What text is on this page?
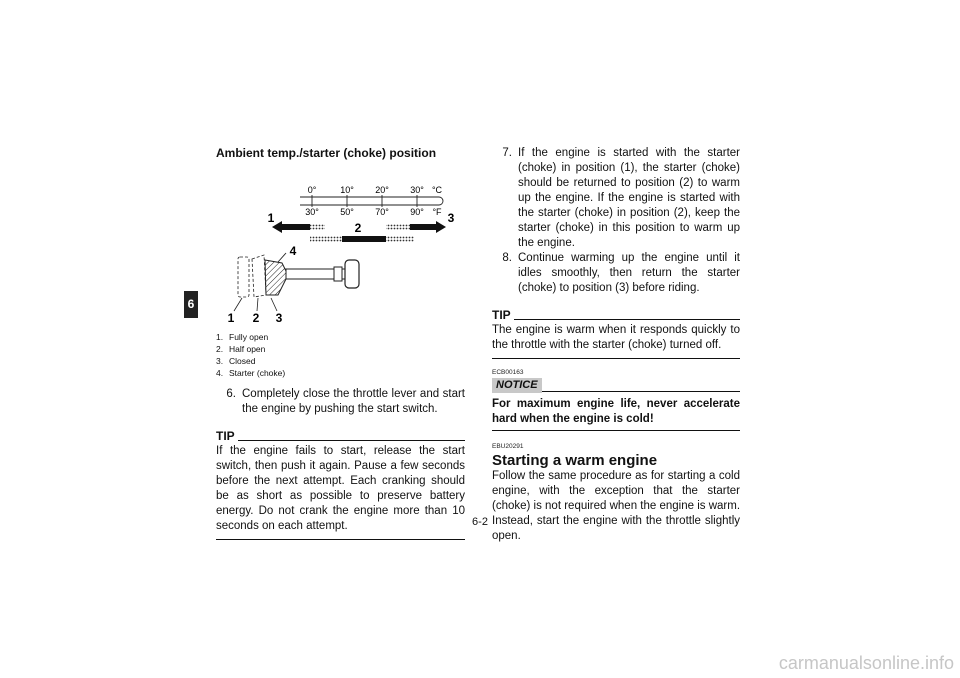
6

Ambient temp./starter (choke) position

0°	10° 20° 30° °C
30° 50° 70° 90° °F
1	3
2
4
1 2 3
1. Fully open
2. Half open
3. Closed
4. Starter (choke)
6. Completely close the throttle lever and start the engine by pushing the start switch.
TIP

If the engine fails to start, release the start switch, then push it again. Pause a few seconds before the next attempt. Each cranking should be as short as possible to preserve battery energy. Do not crank the engine more than 10 seconds on each attempt.

7. If the engine is started with the starter (choke) in position (1), the starter (choke) should be returned to position (2) to warm up the engine. If the engine is started with the starter (choke) in position (2), keep the starter (choke) in this position to warm up the engine.
8. Continue warming up the engine until it idles smoothly, then return the starter (choke) to position (3) before riding.
TIP

The engine is warm when it responds quickly to the throttle with the starter (choke) turned off.

ECB00163
NOTICE

For maximum engine life, never accelerate hard when the engine is cold!

EBU20291
Starting a warm engine

Follow the same procedure as for starting a cold engine, with the exception that the starter (choke) is not required when the engine is warm. Instead, start the engine with the throttle slightly open.

6-2
carmanualsonline.info
